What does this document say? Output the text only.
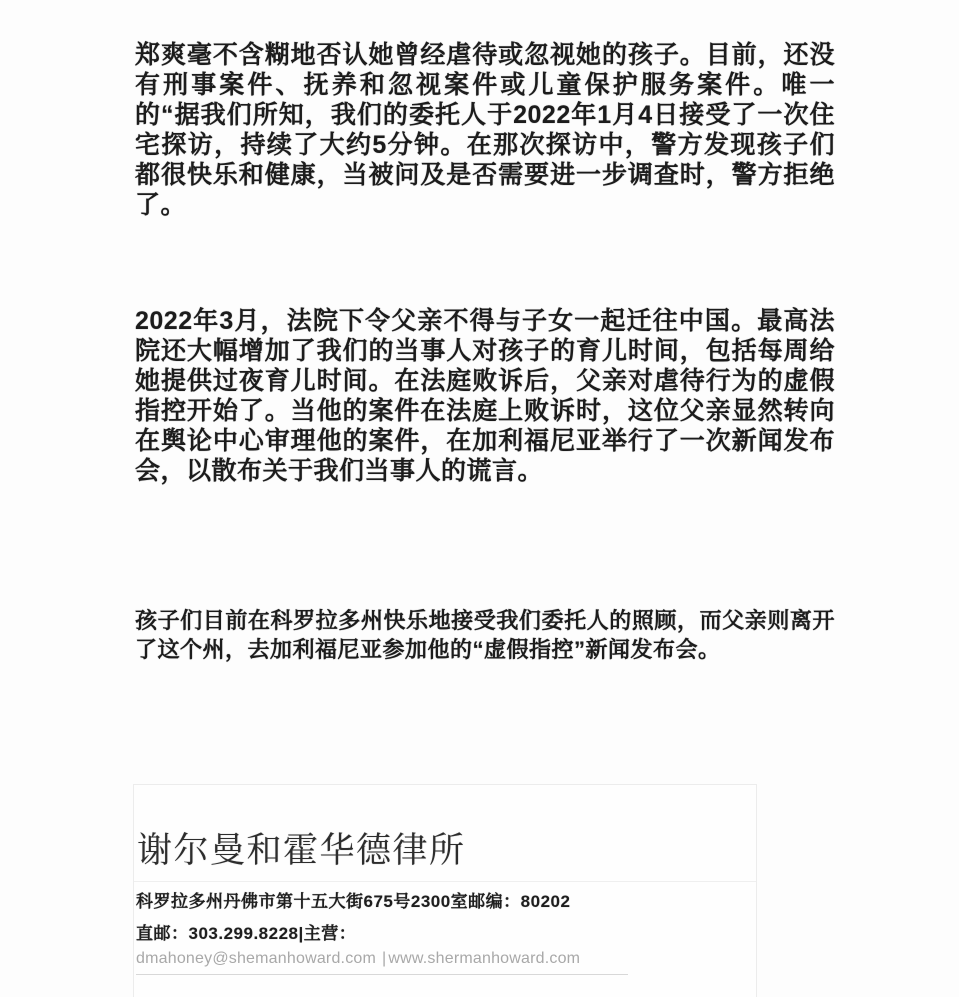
郑爽毫不含糊地否认她曾经虐待或忽视她的孩子。目前，还没有刑事案件、抚养和忽视案件或儿童保护服务案件。唯一的“据我们所知，我们的委托人于2022年1月4日接受了一次住宅探访，持续了大约5分钟。在那次探访中，警方发现孩子们都很快乐和健康，当被问及是否需要进一步调查时，警方拒绝了。

2022年3月，法院下令父亲不得与子女一起迁往中国。最高法院还大幅增加了我们的当事人对孩子的育儿时间，包括每周给她提供过夜育儿时间。在法庭败诉后，父亲对虐待行为的虚假指控开始了。当他的案件在法庭上败诉时，这位父亲显然转向在舆论中心审理他的案件，在加利福尼亚举行了一次新闻发布会，以散布关于我们当事人的谎言。

孩子们目前在科罗拉多州快乐地接受我们委托人的照顾，而父亲则离开了这个州，去加利福尼亚参加他的“虚假指控”新闻发布会。

谢尔曼和霍华德律所
科罗拉多州丹佛市第十五大街675号2300室邮编：80202
直邮：303.299.8228|主营：
dmahoney@shemanhoward.com | www.shermanhoward.com
